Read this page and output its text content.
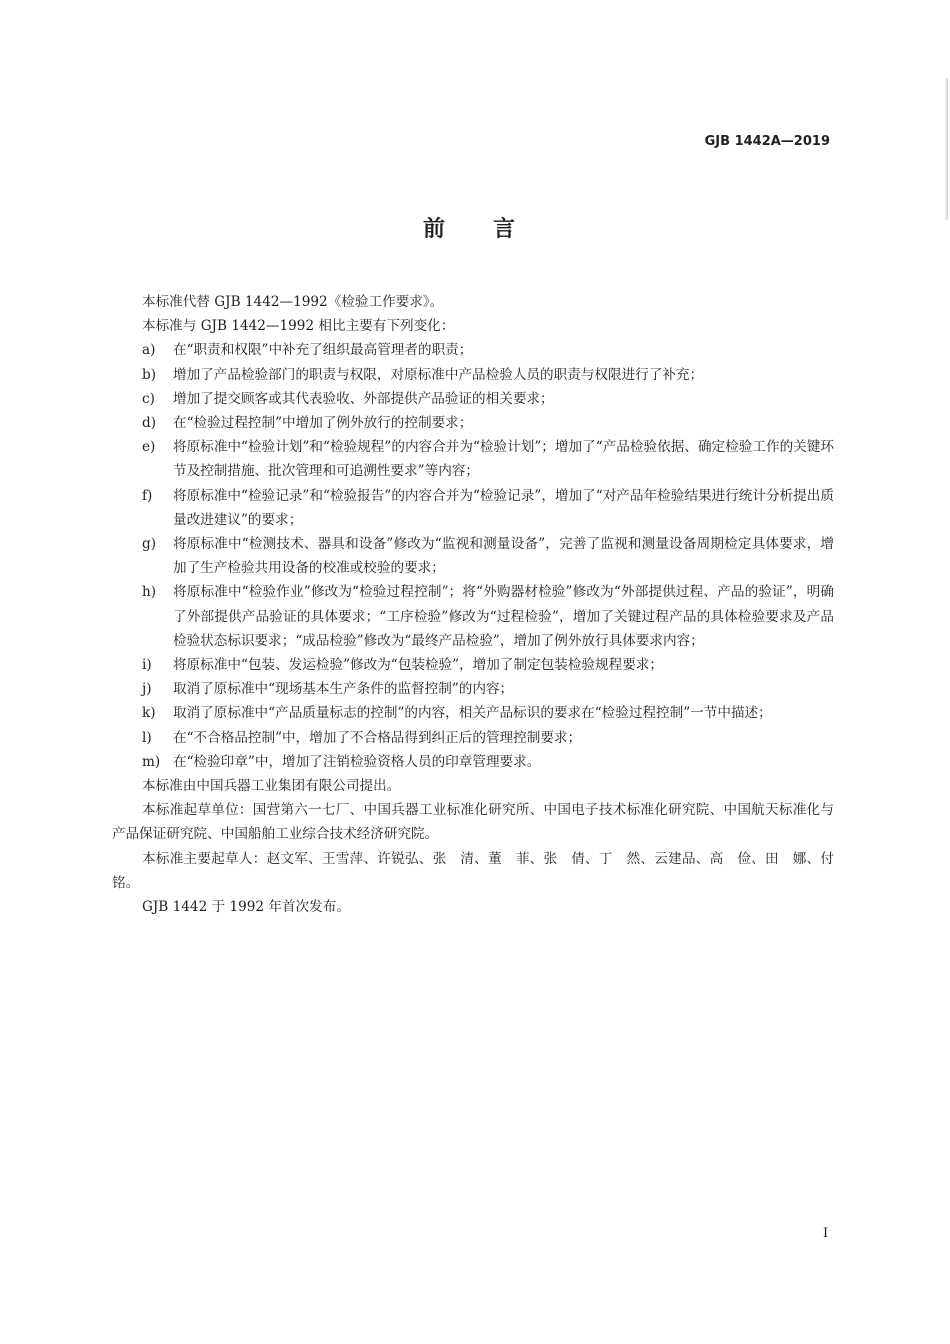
GJB 1442A—2019
前言

本标准代替 GJB 1442—1992《检验工作要求》。

本标准与 GJB 1442—1992 相比主要有下列变化：

a)	在“职责和权限”中补充了组织最高管理者的职责；
b)	增加了产品检验部门的职责与权限，对原标准中产品检验人员的职责与权限进行了补充；
c)	增加了提交顾客或其代表验收、外部提供产品验证的相关要求；
d)	在“检验过程控制”中增加了例外放行的控制要求；
e)	将原标准中“检验计划”和“检验规程”的内容合并为“检验计划”；增加了“产品检验依据、确定检验工作的关键环节及控制措施、批次管理和可追溯性要求”等内容；
f)	将原标准中“检验记录”和“检验报告”的内容合并为“检验记录”，增加了“对产品年检验结果进行统计分析提出质量改进建议”的要求；
g)	将原标准中“检测技术、器具和设备”修改为“监视和测量设备”，完善了监视和测量设备周期检定具体要求，增加了生产检验共用设备的校准或校验的要求；
h)	将原标准中“检验作业”修改为“检验过程控制”；将“外购器材检验”修改为“外部提供过程、产品的验证”，明确了外部提供产品验证的具体要求；“工序检验”修改为“过程检验”，增加了关键过程产品的具体检验要求及产品检验状态标识要求；“成品检验”修改为“最终产品检验”，增加了例外放行具体要求内容；
i)	将原标准中“包装、发运检验”修改为“包装检验”，增加了制定包装检验规程要求；
j)	取消了原标准中“现场基本生产条件的监督控制”的内容；
k)	取消了原标准中“产品质量标志的控制”的内容，相关产品标识的要求在“检验过程控制”一节中描述；
l)	在“不合格品控制”中，增加了不合格品得到纠正后的管理控制要求；
m) 在“检验印章”中，增加了注销检验资格人员的印章管理要求。

本标准由中国兵器工业集团有限公司提出。

本标准起草单位：国营第六一七厂、中国兵器工业标准化研究所、中国电子技术标准化研究院、中国航天标准化与产品保证研究院、中国船舶工业综合技术经济研究院。

本标准主要起草人：赵文军、王雪萍、许锐弘、张　清、董　菲、张　倩、丁　然、云建品、高　俭、田　娜、付　铭。

GJB 1442 于 1992 年首次发布。

I
